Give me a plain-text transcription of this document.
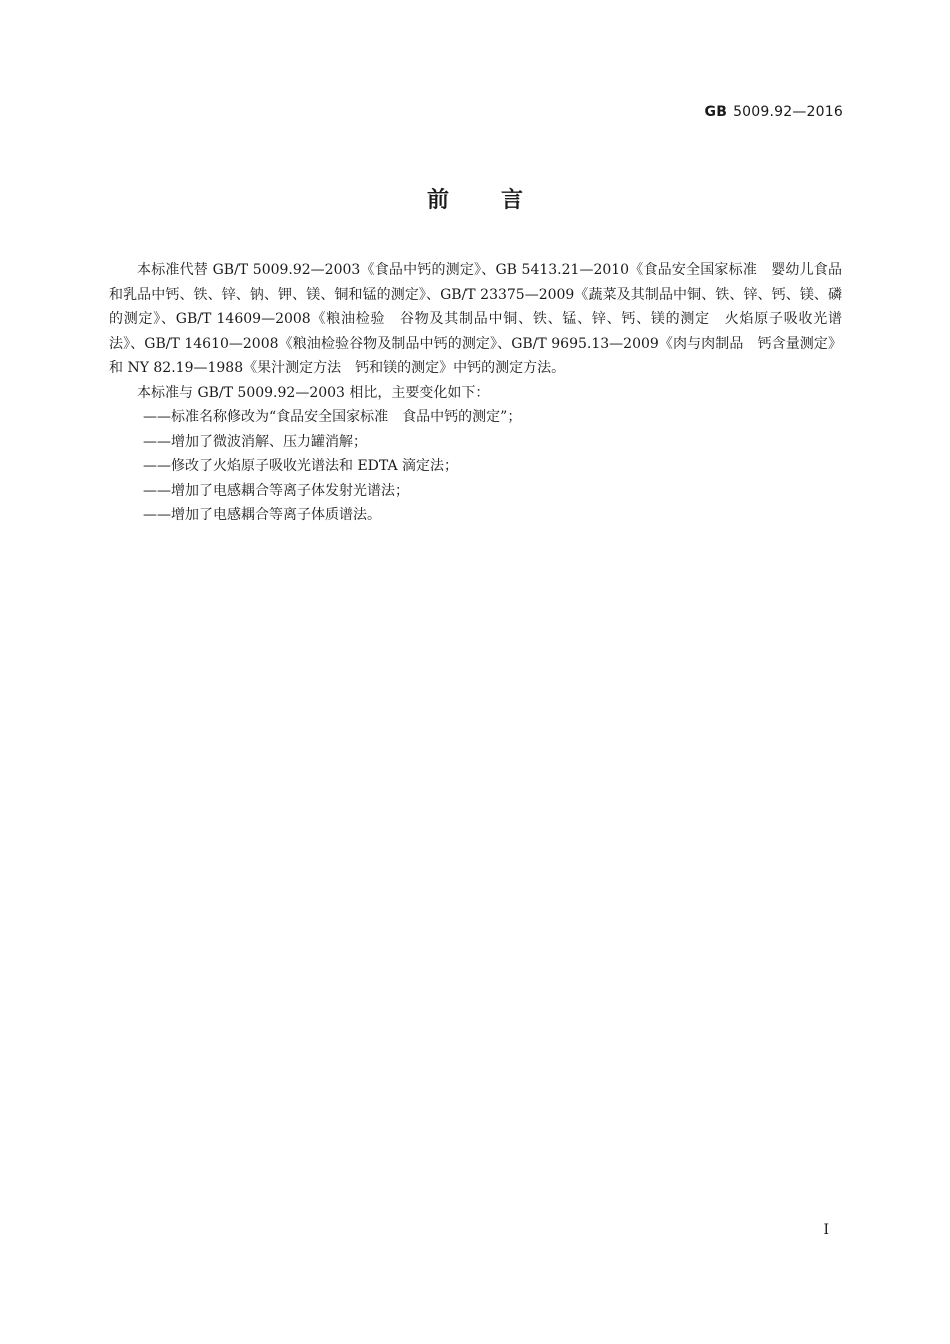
GB 5009.92—2016
前 言

本标准代替 GB/T 5009.92—2003《食品中钙的测定》、GB 5413.21—2010《食品安全国家标准　婴幼儿食品和乳品中钙、铁、锌、钠、钾、镁、铜和锰的测定》、GB/T 23375—2009《蔬菜及其制品中铜、铁、锌、钙、镁、磷的测定》、GB/T 14609—2008《粮油检验　谷物及其制品中铜、铁、锰、锌、钙、镁的测定　火焰原子吸收光谱法》、GB/T 14610—2008《粮油检验谷物及制品中钙的测定》、GB/T 9695.13—2009《肉与肉制品　钙含量测定》和 NY 82.19—1988《果汁测定方法　钙和镁的测定》中钙的测定方法。

本标准与 GB/T 5009.92—2003 相比，主要变化如下：

——标准名称修改为“食品安全国家标准　食品中钙的测定”；

——增加了微波消解、压力罐消解；

——修改了火焰原子吸收光谱法和 EDTA 滴定法；

——增加了电感耦合等离子体发射光谱法；

——增加了电感耦合等离子体质谱法。

I
